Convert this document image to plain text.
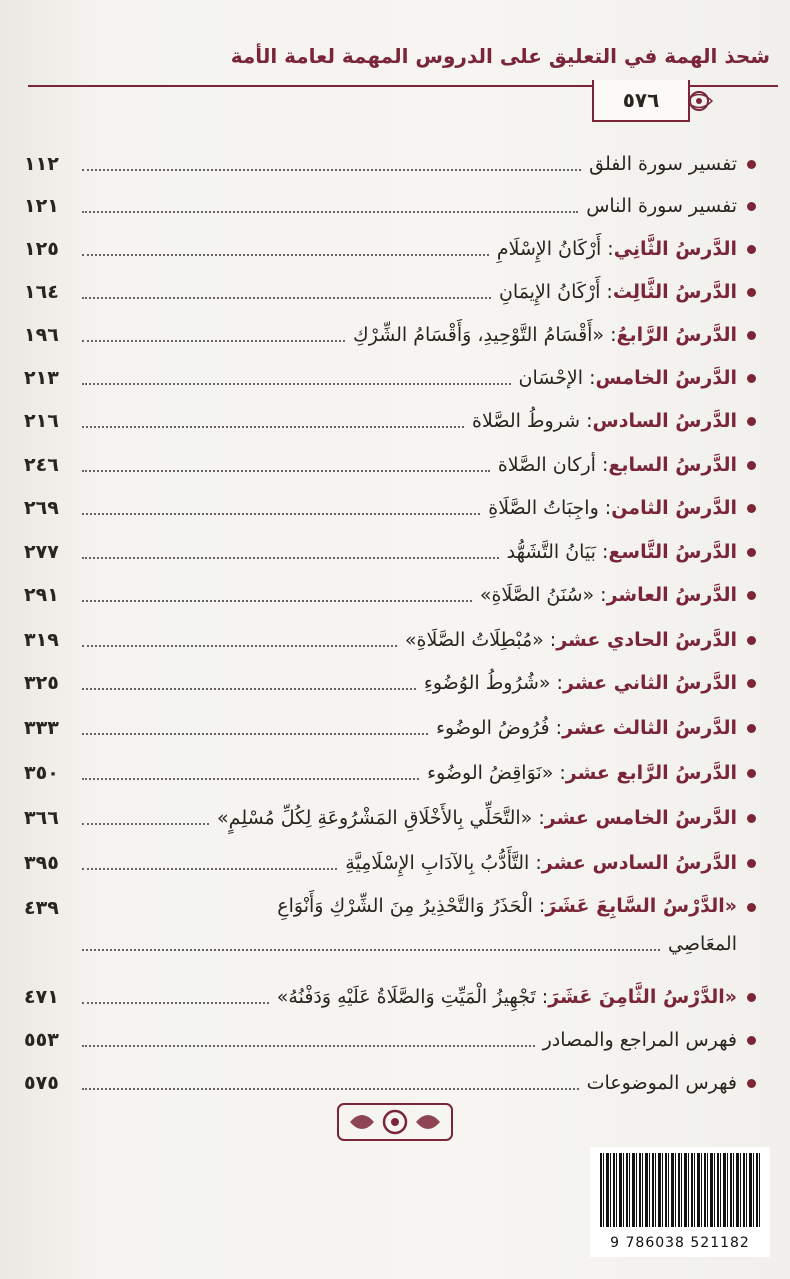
شحذ الهمة في التعليق على الدروس المهمة لعامة الأمة
٥٧٦
تفسير سورة الفلق
١١٢
تفسير سورة الناس
١٢١
الدَّرسُ الثَّانِي
: أَرْكَانُ الإِسْلَامِ
١٢٥
الدَّرسُ الثَّالِث
: أَرْكَانُ الإِيمَانِ
١٦٤
الدَّرسُ الرَّابعُ
: «أَقْسَامُ التَّوْحِيدِ، وَأَقْسَامُ الشِّرْكِ
١٩٦
الدَّرسُ الخامس
: الإحْسَان
٢١٣
الدَّرسُ السادس
: شروطُ الصَّلاة
٢١٦
الدَّرسُ السابع
: أركان الصَّلاة
٢٤٦
الدَّرسُ الثامن
: واجِبَاتُ الصَّلَاةِ
٢٦٩
الدَّرسُ التَّاسع
: بَيَانُ التَّشَهُّد
٢٧٧
الدَّرسُ العاشر
: «سُنَنُ الصَّلَاةِ»
٢٩١
الدَّرسُ الحادي عشر
: «مُبْطِلَاتُ الصَّلَاةِ»
٣١٩
الدَّرسُ الثاني عشر
: «شُرُوطُ الوُضُوءِ
٣٢٥
الدَّرسُ الثالث عشر
: فُرُوضُ الوضُوء
٣٣٣
الدَّرسُ الرَّابع عشر
: «نَوَاقِضُ الوضُوء
٣٥٠
الدَّرسُ الخامس عشر
: «التَّحَلِّي بِالأَخْلَاقِ المَشْرُوعَةِ لِكُلِّ مُسْلِمٍ»
٣٦٦
الدَّرسُ السادس عشر
: التَّأَدُّبُ بِالآدَابِ الإِسْلَامِيَّةِ
٣٩٥
«الدَّرْسُ السَّابِعَ عَشَرَ
: الْحَذَرُ وَالتَّحْذِيرُ مِنَ الشِّرْكِ وَأَنْوَاعِ
المعَاصِي
٤٣٩
«الدَّرْسُ الثَّامِنَ عَشَرَ
: تَجْهِيزُ الْمَيِّتِ وَالصَّلَاةُ عَلَيْهِ وَدَفْنُهُ»
٤٧١
فهرس المراجع والمصادر
٥٥٣
فهرس الموضوعات
٥٧٥
9 786038 521182
